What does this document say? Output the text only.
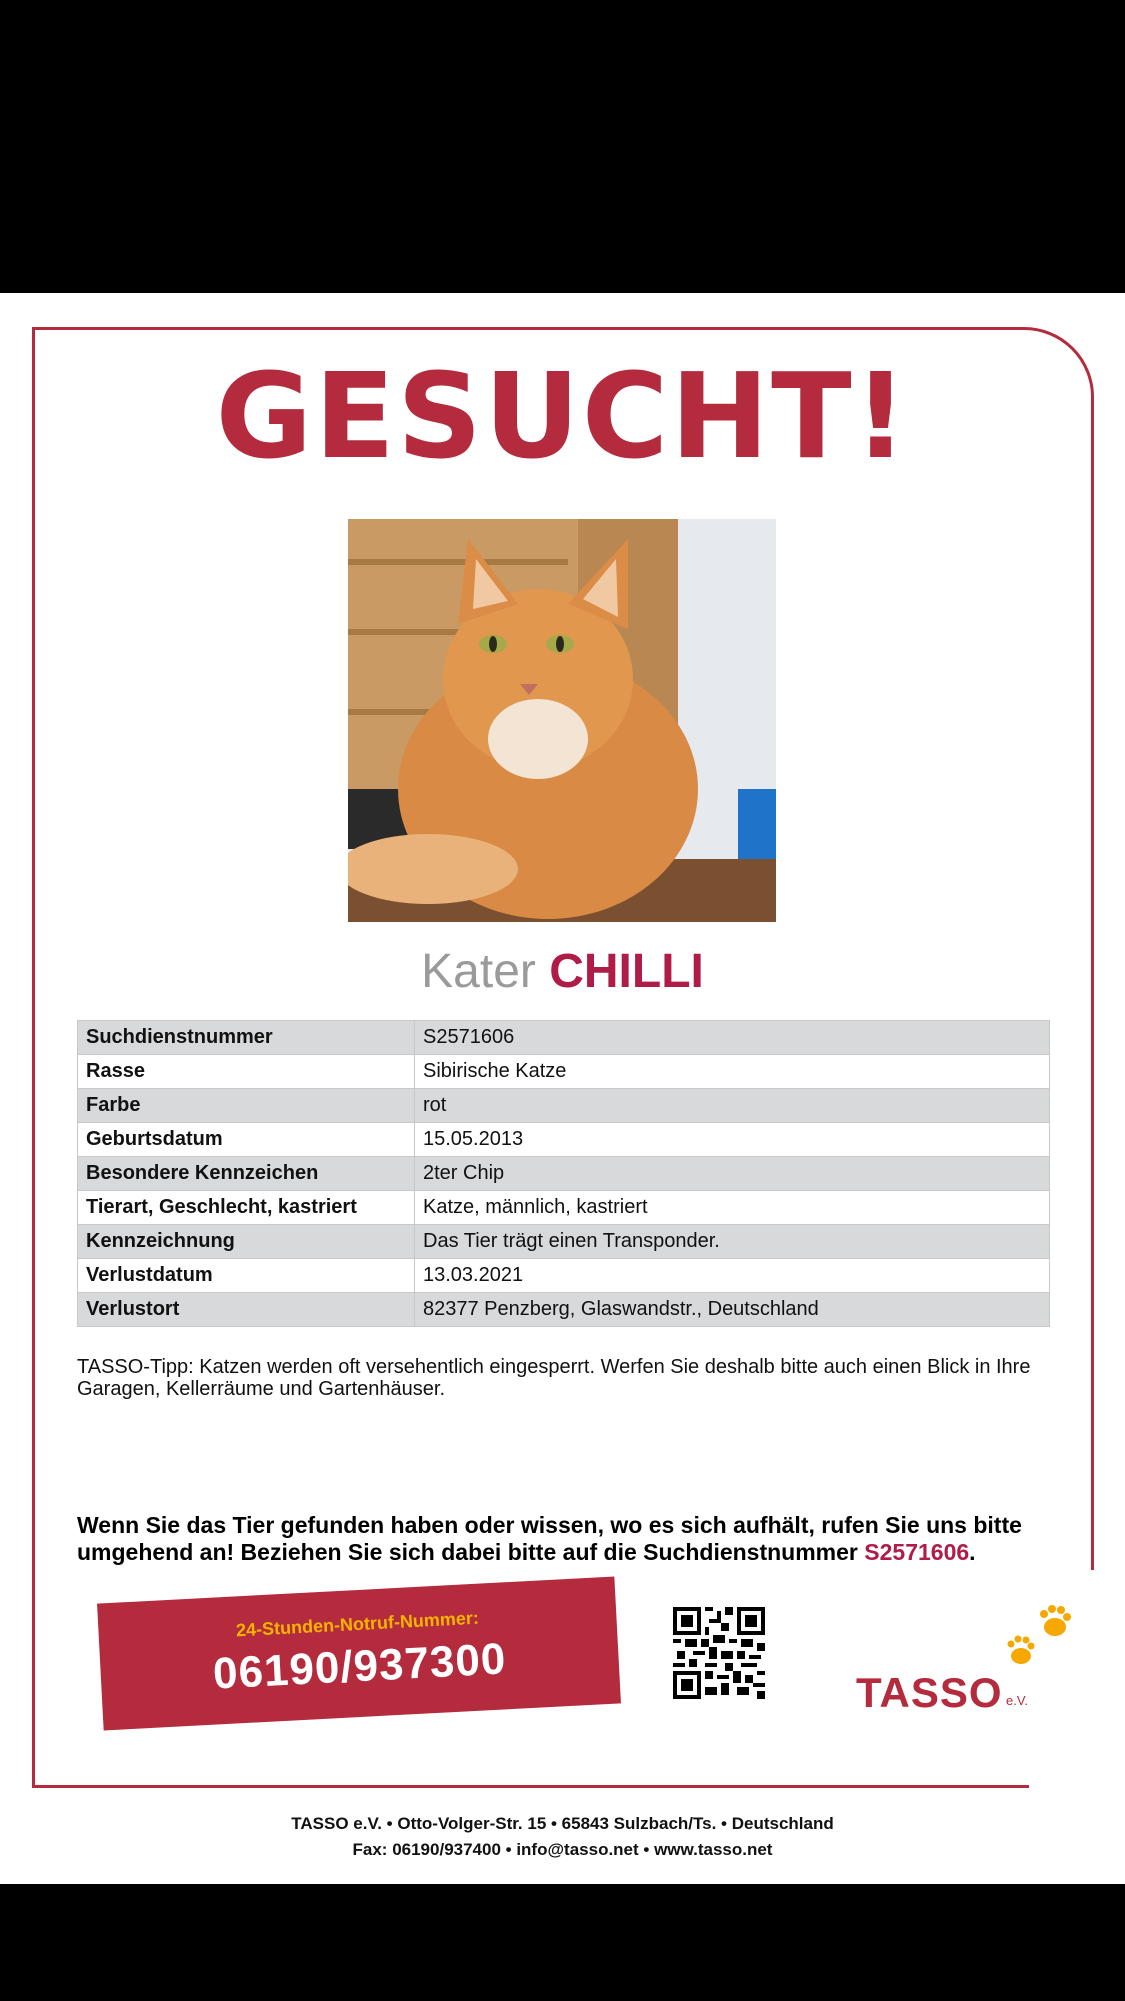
GESUCHT!
Kater CHILLI
Suchdienstnummer	S2571606
Rasse	Sibirische Katze
Farbe	rot
Geburtsdatum	15.05.2013
Besondere Kennzeichen	2ter Chip
Tierart, Geschlecht, kastriert	Katze, männlich, kastriert
Kennzeichnung	Das Tier trägt einen Transponder.
Verlustdatum	13.03.2021
Verlustort	82377 Penzberg, Glaswandstr., Deutschland
TASSO-Tipp: Katzen werden oft versehentlich eingesperrt. Werfen Sie deshalb bitte auch einen Blick in Ihre Garagen, Kellerräume und Gartenhäuser.
Wenn Sie das Tier gefunden haben oder wissen, wo es sich aufhält, rufen Sie uns bitte umgehend an! Beziehen Sie sich dabei bitte auf die Suchdienstnummer S2571606.
24-Stunden-Notruf-Nummer:
06190/937300	TASSO e.V.
TASSO e.V. • Otto-Volger-Str. 15 • 65843 Sulzbach/Ts. • Deutschland
Fax: 06190/937400 • info@tasso.net • www.tasso.net
